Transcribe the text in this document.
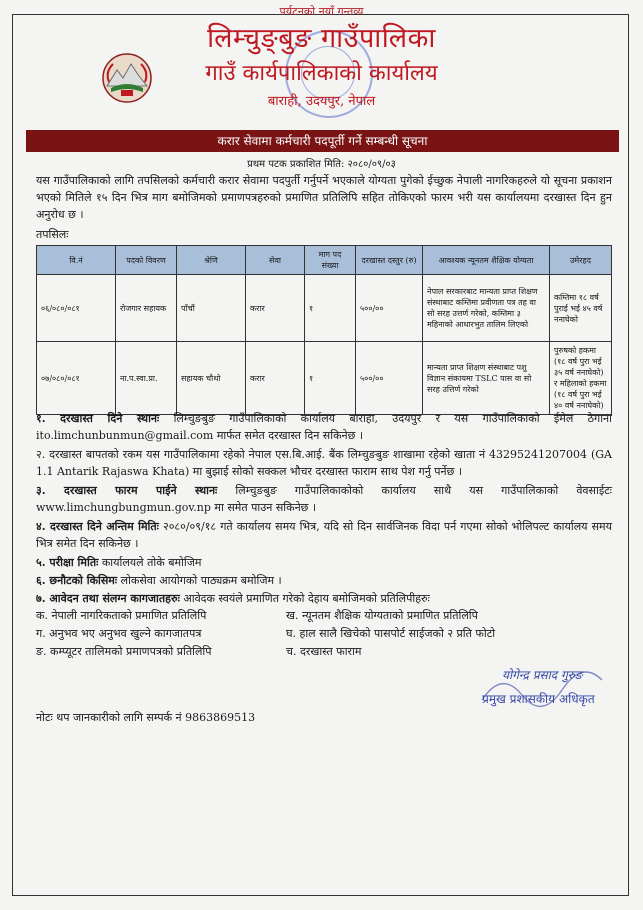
पर्यटनको नयाँ गन्तव्य
लिम्चुङ्बुङ गाउँपालिका
गाउँ कार्यपालिकाको कार्यालय
बाराही, उदयपुर, नेपाल
करार सेवामा कर्मचारी पदपूर्ती गर्ने सम्बन्धी सूचना
प्रथम पटक प्रकाशित मिति: २०८०/०९/०३
यस गाउँपालिकाको लागि तपसिलको कर्मचारी करार सेवामा पदपुर्ती गर्नुपर्ने भएकाले योग्यता पुगेको ईच्छुक नेपाली नागरिकहरुले यो सूचना प्रकाशन भएको मितिले १५ दिन भित्र माग बमोजिमको प्रमाणपत्रहरुको प्रमाणित प्रतिलिपि सहित तोकिएको फारम भरी यस कार्यालयमा दरखास्त दिन हुन अनुरोध छ ।
तपसिलः
वि.नं	पदको विवरण	श्रेणि	सेवा	माग पद संख्या	दरखास्त दस्तुर (रु)	आवश्यक न्यूनतम शैक्षिक योग्यता	उमेरहद
०६/०८०/०८१	रोजगार सहायक	पाँचौं	करार	१	५००/००	नेपाल सरकारबाट मान्यता प्राप्त शिक्षण संस्थाबाट कम्तिमा प्रवीणता पत्र तह वा सो सरह उत्तर्ण गरेको, कम्तिमा ३ महिनाको आधारभुत तालिम लिएको	कम्तिमा १८ वर्ष पुराई भई ४५ वर्ष ननाघेको
०७/०८०/०८१	ना.प.स्वा.प्रा.	सहायक चौथो	करार	१	५००/००	मान्यता प्राप्त शिक्षण संस्थाबाट पशु विज्ञान संकायमा TSLC पास वा सो सरह उत्तिर्ण गरेको	पुरुषको हकमा (१८ वर्ष पुरा भई ३५ वर्ष ननाघेको) र महिलाको हकमा (१८ वर्ष पुरा भई ४० वर्ष ननाघेको)
१. दरखास्त दिने स्थानः लिम्चुङबुङ गाउँपालिकाको कार्यालय बाराहा, उदयपुर र यस गाउँपालिकाको ईमेल ठेगाना ito.limchunbunmun@gmail.com मार्फत समेत दरखास्त दिन सकिनेछ ।
२. दरखास्त बापतको रकम यस गाउँपालिकामा रहेको नेपाल एस.बि.आई. बैंक लिम्चुङबुङ शाखामा रहेको खाता नं 43295241207004 (GA 1.1 Antarik Rajaswa Khata) मा बुझाई सोको सक्कल भौचर दरखास्त फाराम साथ पेश गर्नु पर्नेछ ।
३. दरखास्त फारम पाईने स्थानः लिम्चुङबुङ गाउँपालिकाकोको कार्यालय साथै यस गाउँपालिकाको वेवसाईटः www.limchungbungmun.gov.np मा समेत पाउन सकिनेछ ।
४. दरखास्त दिने अन्तिम मितिः २०८०/०९/१८ गते कार्यालय समय भित्र, यदि सो दिन सार्वजिनक विदा पर्न गएमा सोको भोलिपल्ट कार्यालय समय भित्र समेत दिन सकिनेछ ।
५. परीक्षा मितिः कार्यालयले तोके बमोजिम
६. छनौटको किसिमः लोकसेवा आयोगको पाठ्यक्रम बमोजिम ।
७. आवेदन तथा संलग्न कागजातहरुः आवेदक स्वयंले प्रमाणित गरेको देहाय बमोजिमको प्रतिलिपीहरुः
क. नेपाली नागरिकताको प्रमाणित प्रतिलिपि	ख. न्यूनतम शैक्षिक योग्यताको प्रमाणित प्रतिलिपि
ग. अनुभव भए अनुभव खुल्ने कागजातपत्र	घ. हाल सालै खिचेको पासपोर्ट साईजको २ प्रति फोटो
ङ. कम्प्यूटर तालिमको प्रमाणपत्रको प्रतिलिपि	च. दरखास्त फाराम
योगेन्द्र प्रसाद गुरुङ
प्रमुख प्रशासकीय अधिकृत
नोटः थप जानकारीको लागि सम्पर्क नं 9863869513
